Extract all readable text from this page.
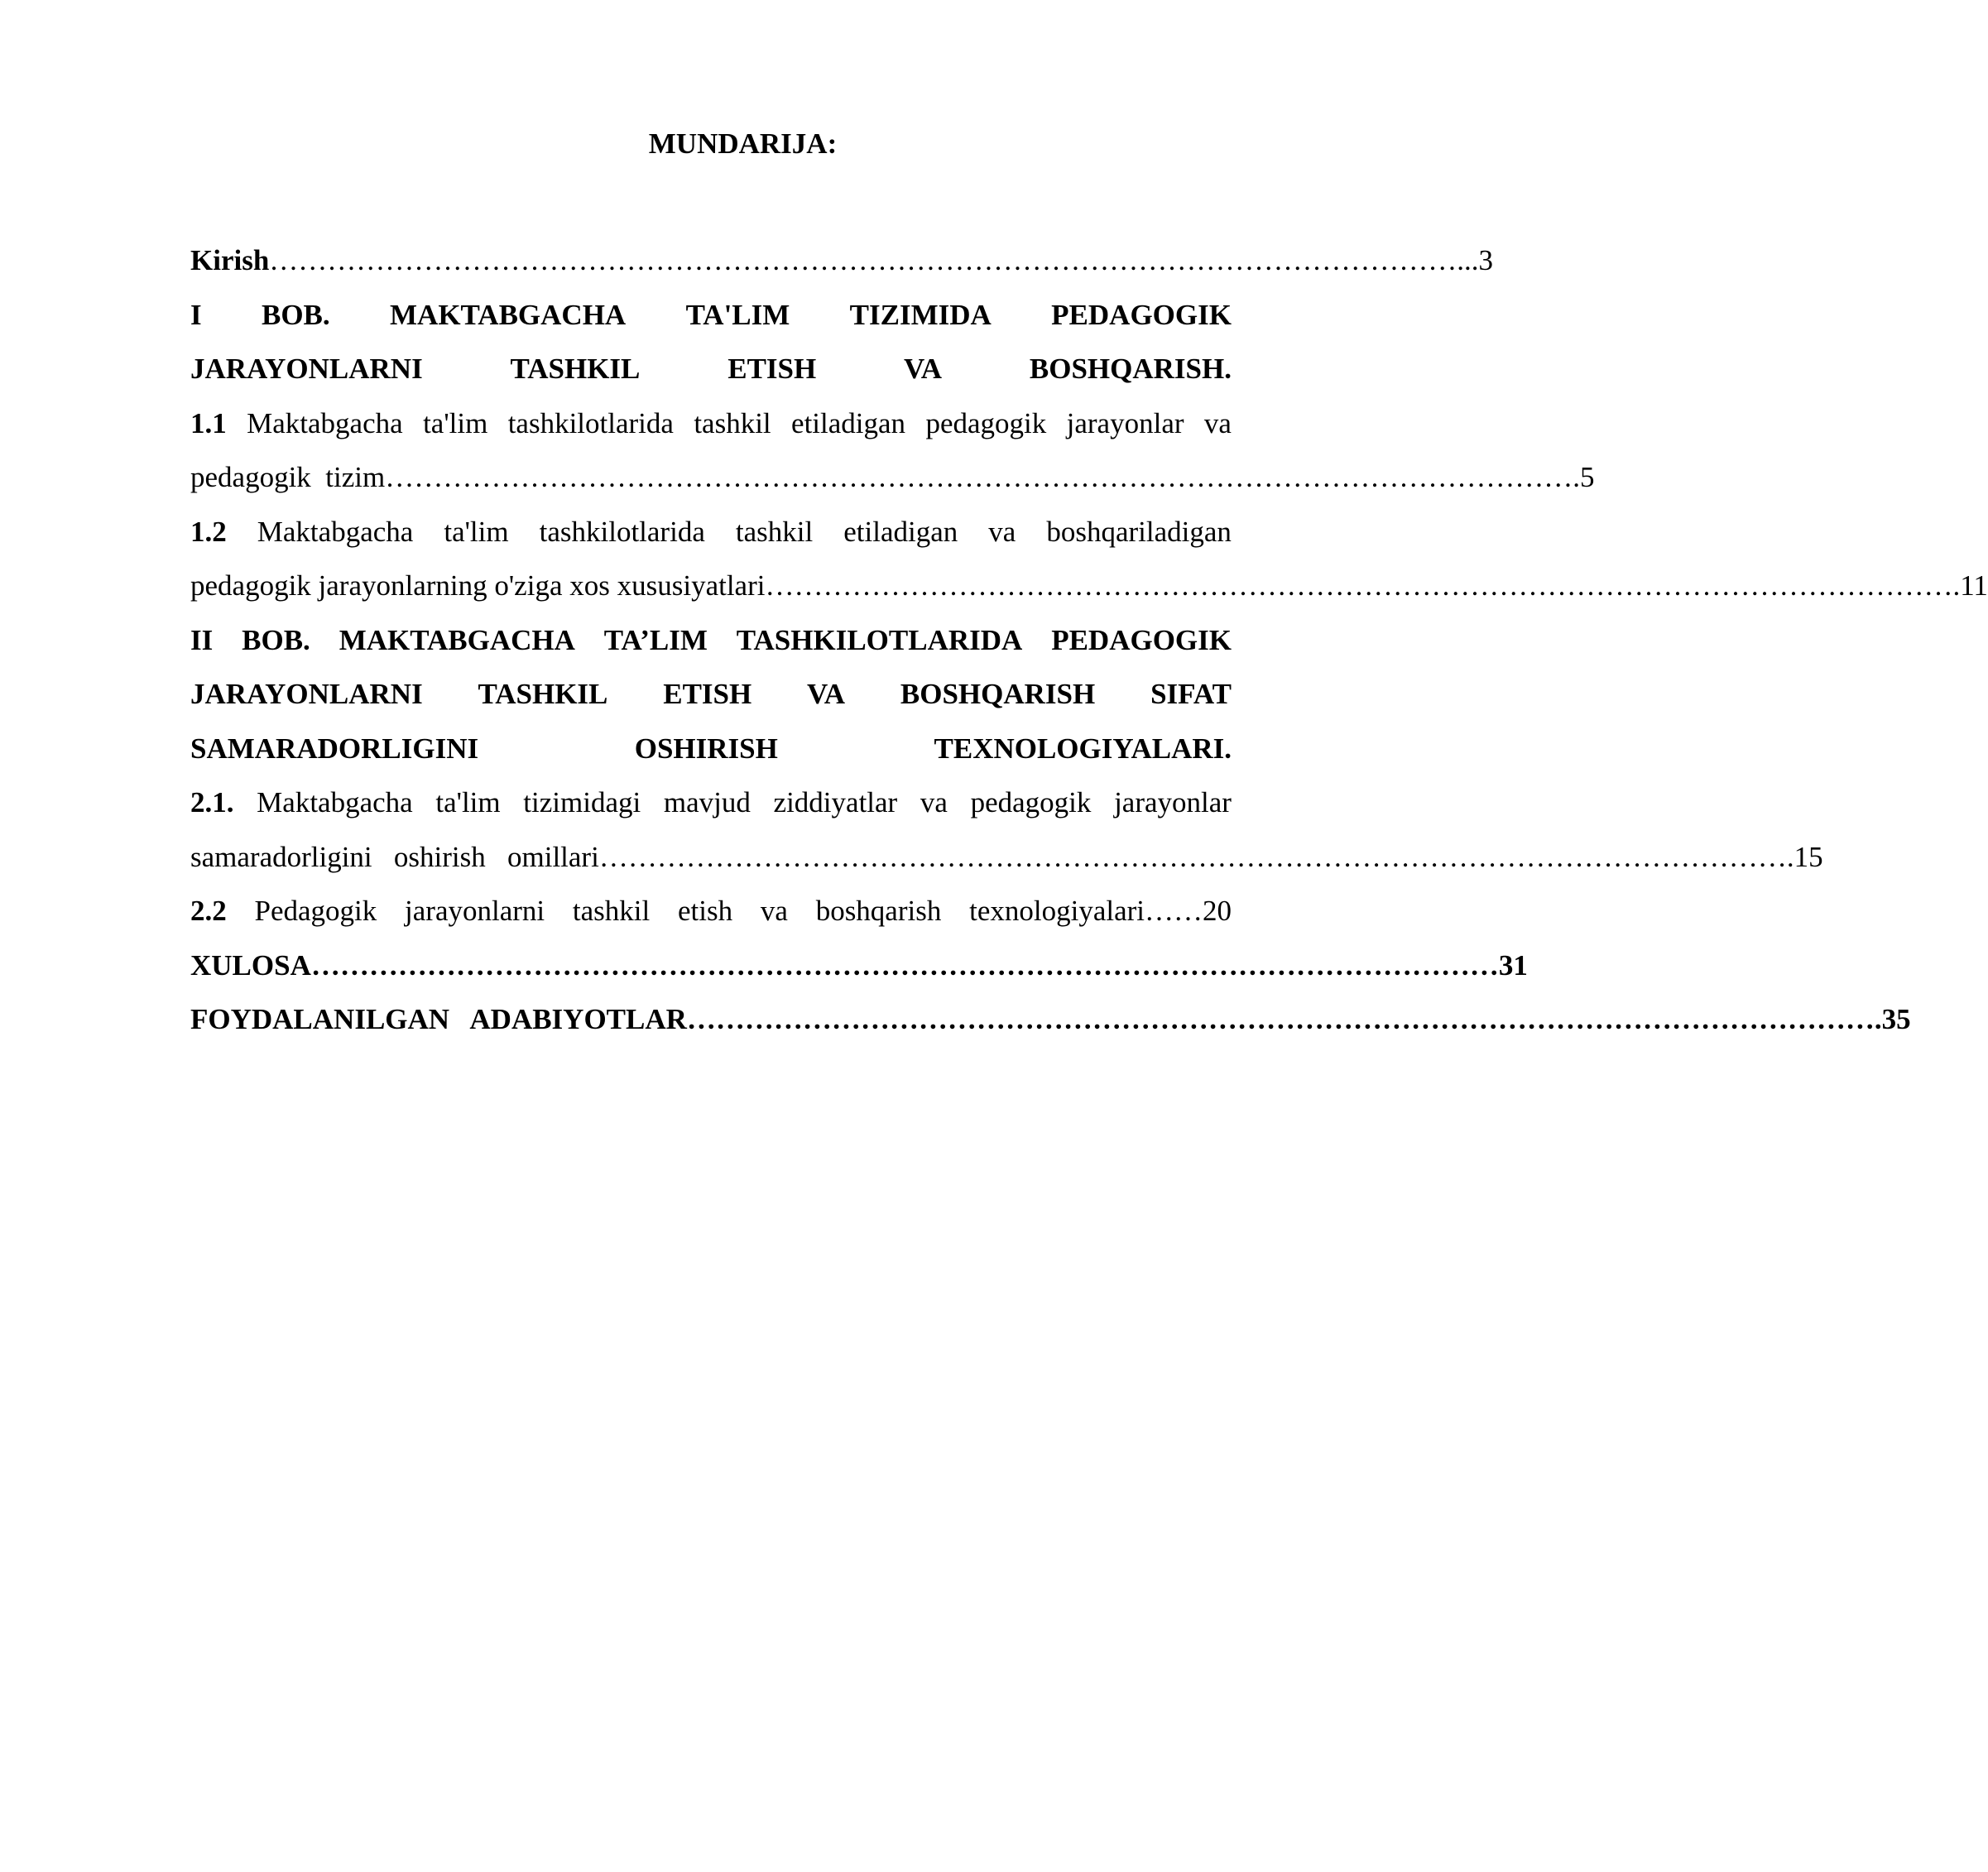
MUNDARIJA:
Kirish …………………………………………………………………………………………………………… ...3
I BOB. MAKTABGACHA TA'LIM TIZIMIDA PEDAGOGIK
JARAYONLARNI	TASHKIL	ETISH	VA	BOSHQARISH.
1.1 Maktabgacha ta'lim tashkilotlarida tashkil etiladigan pedagogik jarayonlar va
pedagogik  tizim …………………………………………………………………………………………………………… .5
1.2 Maktabgacha ta'lim tashkilotlarida tashkil etiladigan va boshqariladigan
pedagogik jarayonlarning o'ziga xos xususiyatlari …………………………………………………………………………………………………………… .11
II BOB. MAKTABGACHA TA’LIM TASHKILOTLARIDA PEDAGOGIK
JARAYONLARNI TASHKIL ETISH VA BOSHQARISH SIFAT
SAMARADORLIGINI	OSHIRISH	TEXNOLOGIYALARI.
2.1. Maktabgacha ta'lim tizimidagi mavjud ziddiyatlar va pedagogik jarayonlar
samaradorligini   oshirish   omillari …………………………………………………………………………………………………………… .15
2.2 Pedagogik jarayonlarni tashkil etish va boshqarish texnologiyalari……20
XULOSA …………………………………………………………………………………………………………… 31
FOYDALANILGAN   ADABIYOTLAR …………………………………………………………………………………………………………… .35
